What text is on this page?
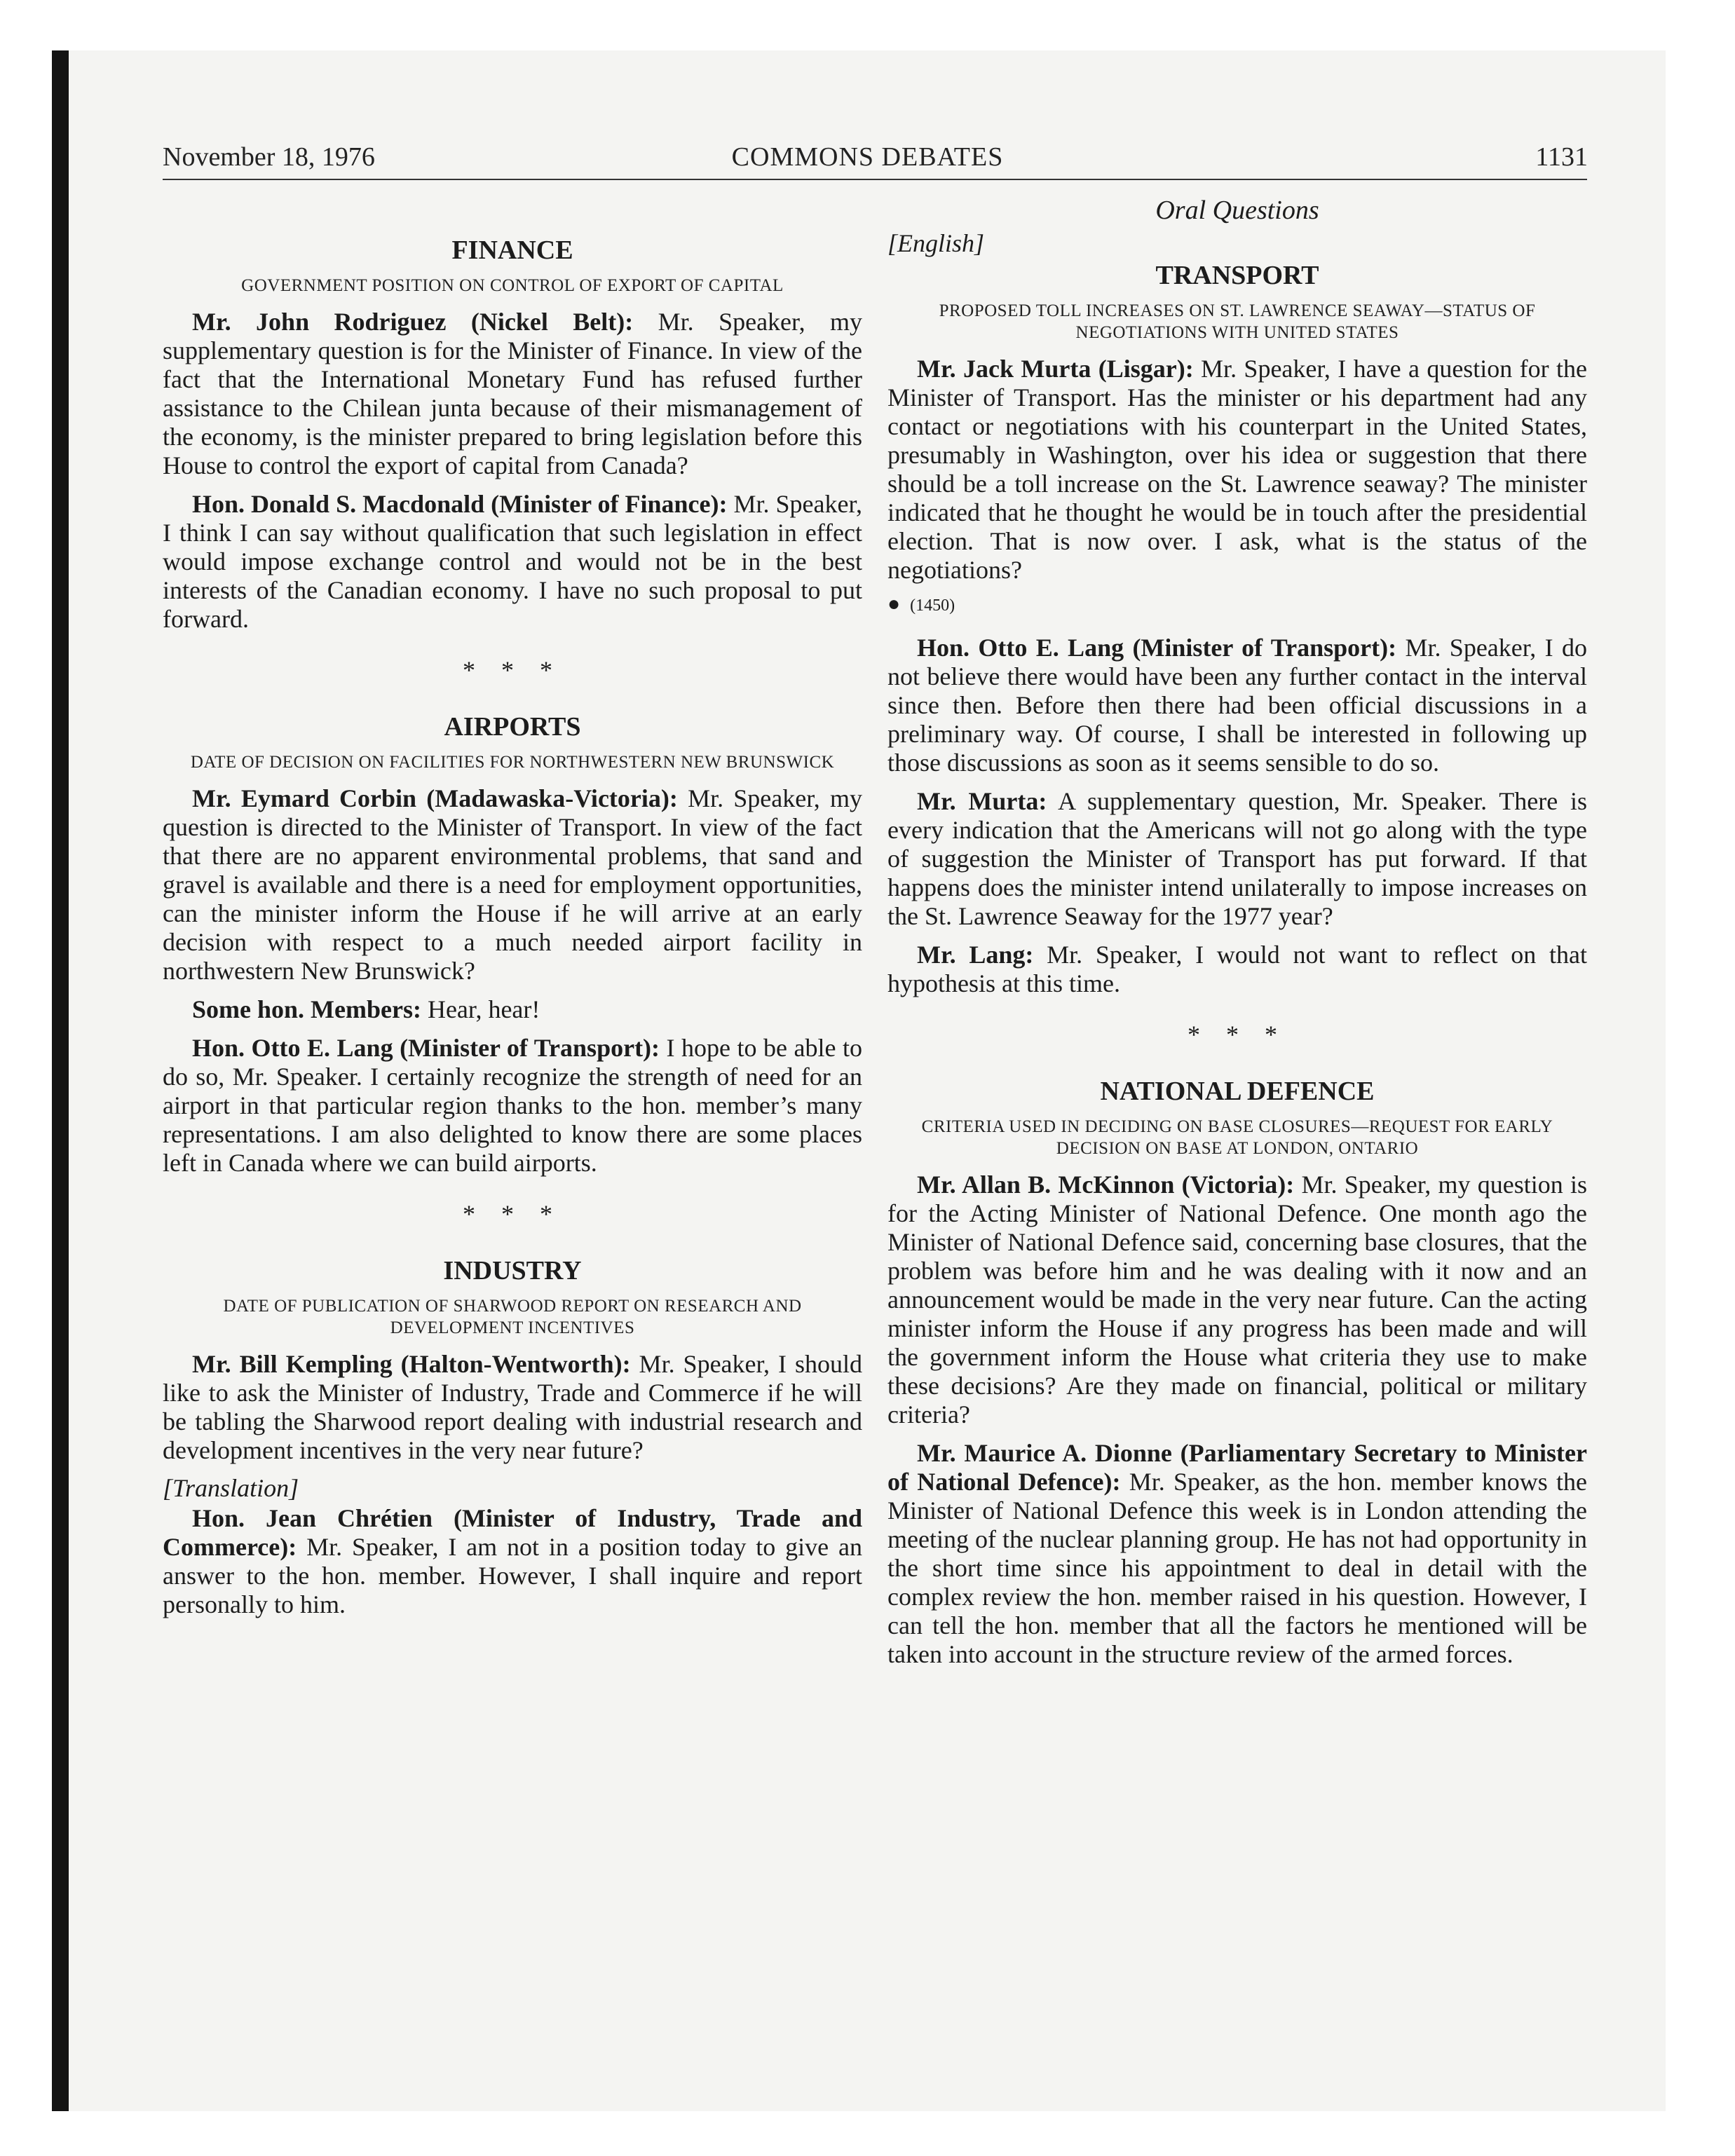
November 18, 1976	COMMONS DEBATES	1131
FINANCE
GOVERNMENT POSITION ON CONTROL OF EXPORT OF CAPITAL

Mr. John Rodriguez (Nickel Belt): Mr. Speaker, my supplementary question is for the Minister of Finance. In view of the fact that the International Monetary Fund has refused further assistance to the Chilean junta because of their mismanagement of the economy, is the minister prepared to bring legislation before this House to control the export of capital from Canada?

Hon. Donald S. Macdonald (Minister of Finance): Mr. Speaker, I think I can say without qualification that such legislation in effect would impose exchange control and would not be in the best interests of the Canadian economy. I have no such proposal to put forward.

* * *
AIRPORTS
DATE OF DECISION ON FACILITIES FOR NORTHWESTERN NEW BRUNSWICK

Mr. Eymard Corbin (Madawaska-Victoria): Mr. Speaker, my question is directed to the Minister of Transport. In view of the fact that there are no apparent environmental problems, that sand and gravel is available and there is a need for employment opportunities, can the minister inform the House if he will arrive at an early decision with respect to a much needed airport facility in northwestern New Brunswick?

Some hon. Members: Hear, hear!

Hon. Otto E. Lang (Minister of Transport): I hope to be able to do so, Mr. Speaker. I certainly recognize the strength of need for an airport in that particular region thanks to the hon. member’s many representations. I am also delighted to know there are some places left in Canada where we can build airports.

* * *
INDUSTRY
DATE OF PUBLICATION OF SHARWOOD REPORT ON RESEARCH AND DEVELOPMENT INCENTIVES

Mr. Bill Kempling (Halton-Wentworth): Mr. Speaker, I should like to ask the Minister of Industry, Trade and Commerce if he will be tabling the Sharwood report dealing with industrial research and development incentives in the very near future?

[Translation]

Hon. Jean Chrétien (Minister of Industry, Trade and Commerce): Mr. Speaker, I am not in a position today to give an answer to the hon. member. However, I shall inquire and report personally to him.

Oral Questions
[English]
TRANSPORT
PROPOSED TOLL INCREASES ON ST. LAWRENCE SEAWAY—STATUS OF NEGOTIATIONS WITH UNITED STATES

Mr. Jack Murta (Lisgar): Mr. Speaker, I have a question for the Minister of Transport. Has the minister or his department had any contact or negotiations with his counterpart in the United States, presumably in Washington, over his idea or suggestion that there should be a toll increase on the St. Lawrence seaway? The minister indicated that he thought he would be in touch after the presidential election. That is now over. I ask, what is the status of the negotiations?

● (1450)

Hon. Otto E. Lang (Minister of Transport): Mr. Speaker, I do not believe there would have been any further contact in the interval since then. Before then there had been official discussions in a preliminary way. Of course, I shall be interested in following up those discussions as soon as it seems sensible to do so.

Mr. Murta: A supplementary question, Mr. Speaker. There is every indication that the Americans will not go along with the type of suggestion the Minister of Transport has put forward. If that happens does the minister intend unilaterally to impose increases on the St. Lawrence Seaway for the 1977 year?

Mr. Lang: Mr. Speaker, I would not want to reflect on that hypothesis at this time.

* * *
NATIONAL DEFENCE
CRITERIA USED IN DECIDING ON BASE CLOSURES—REQUEST FOR EARLY DECISION ON BASE AT LONDON, ONTARIO

Mr. Allan B. McKinnon (Victoria): Mr. Speaker, my question is for the Acting Minister of National Defence. One month ago the Minister of National Defence said, concerning base closures, that the problem was before him and he was dealing with it now and an announcement would be made in the very near future. Can the acting minister inform the House if any progress has been made and will the government inform the House what criteria they use to make these decisions? Are they made on financial, political or military criteria?

Mr. Maurice A. Dionne (Parliamentary Secretary to Minister of National Defence): Mr. Speaker, as the hon. member knows the Minister of National Defence this week is in London attending the meeting of the nuclear planning group. He has not had opportunity in the short time since his appointment to deal in detail with the complex review the hon. member raised in his question. However, I can tell the hon. member that all the factors he mentioned will be taken into account in the structure review of the armed forces.
